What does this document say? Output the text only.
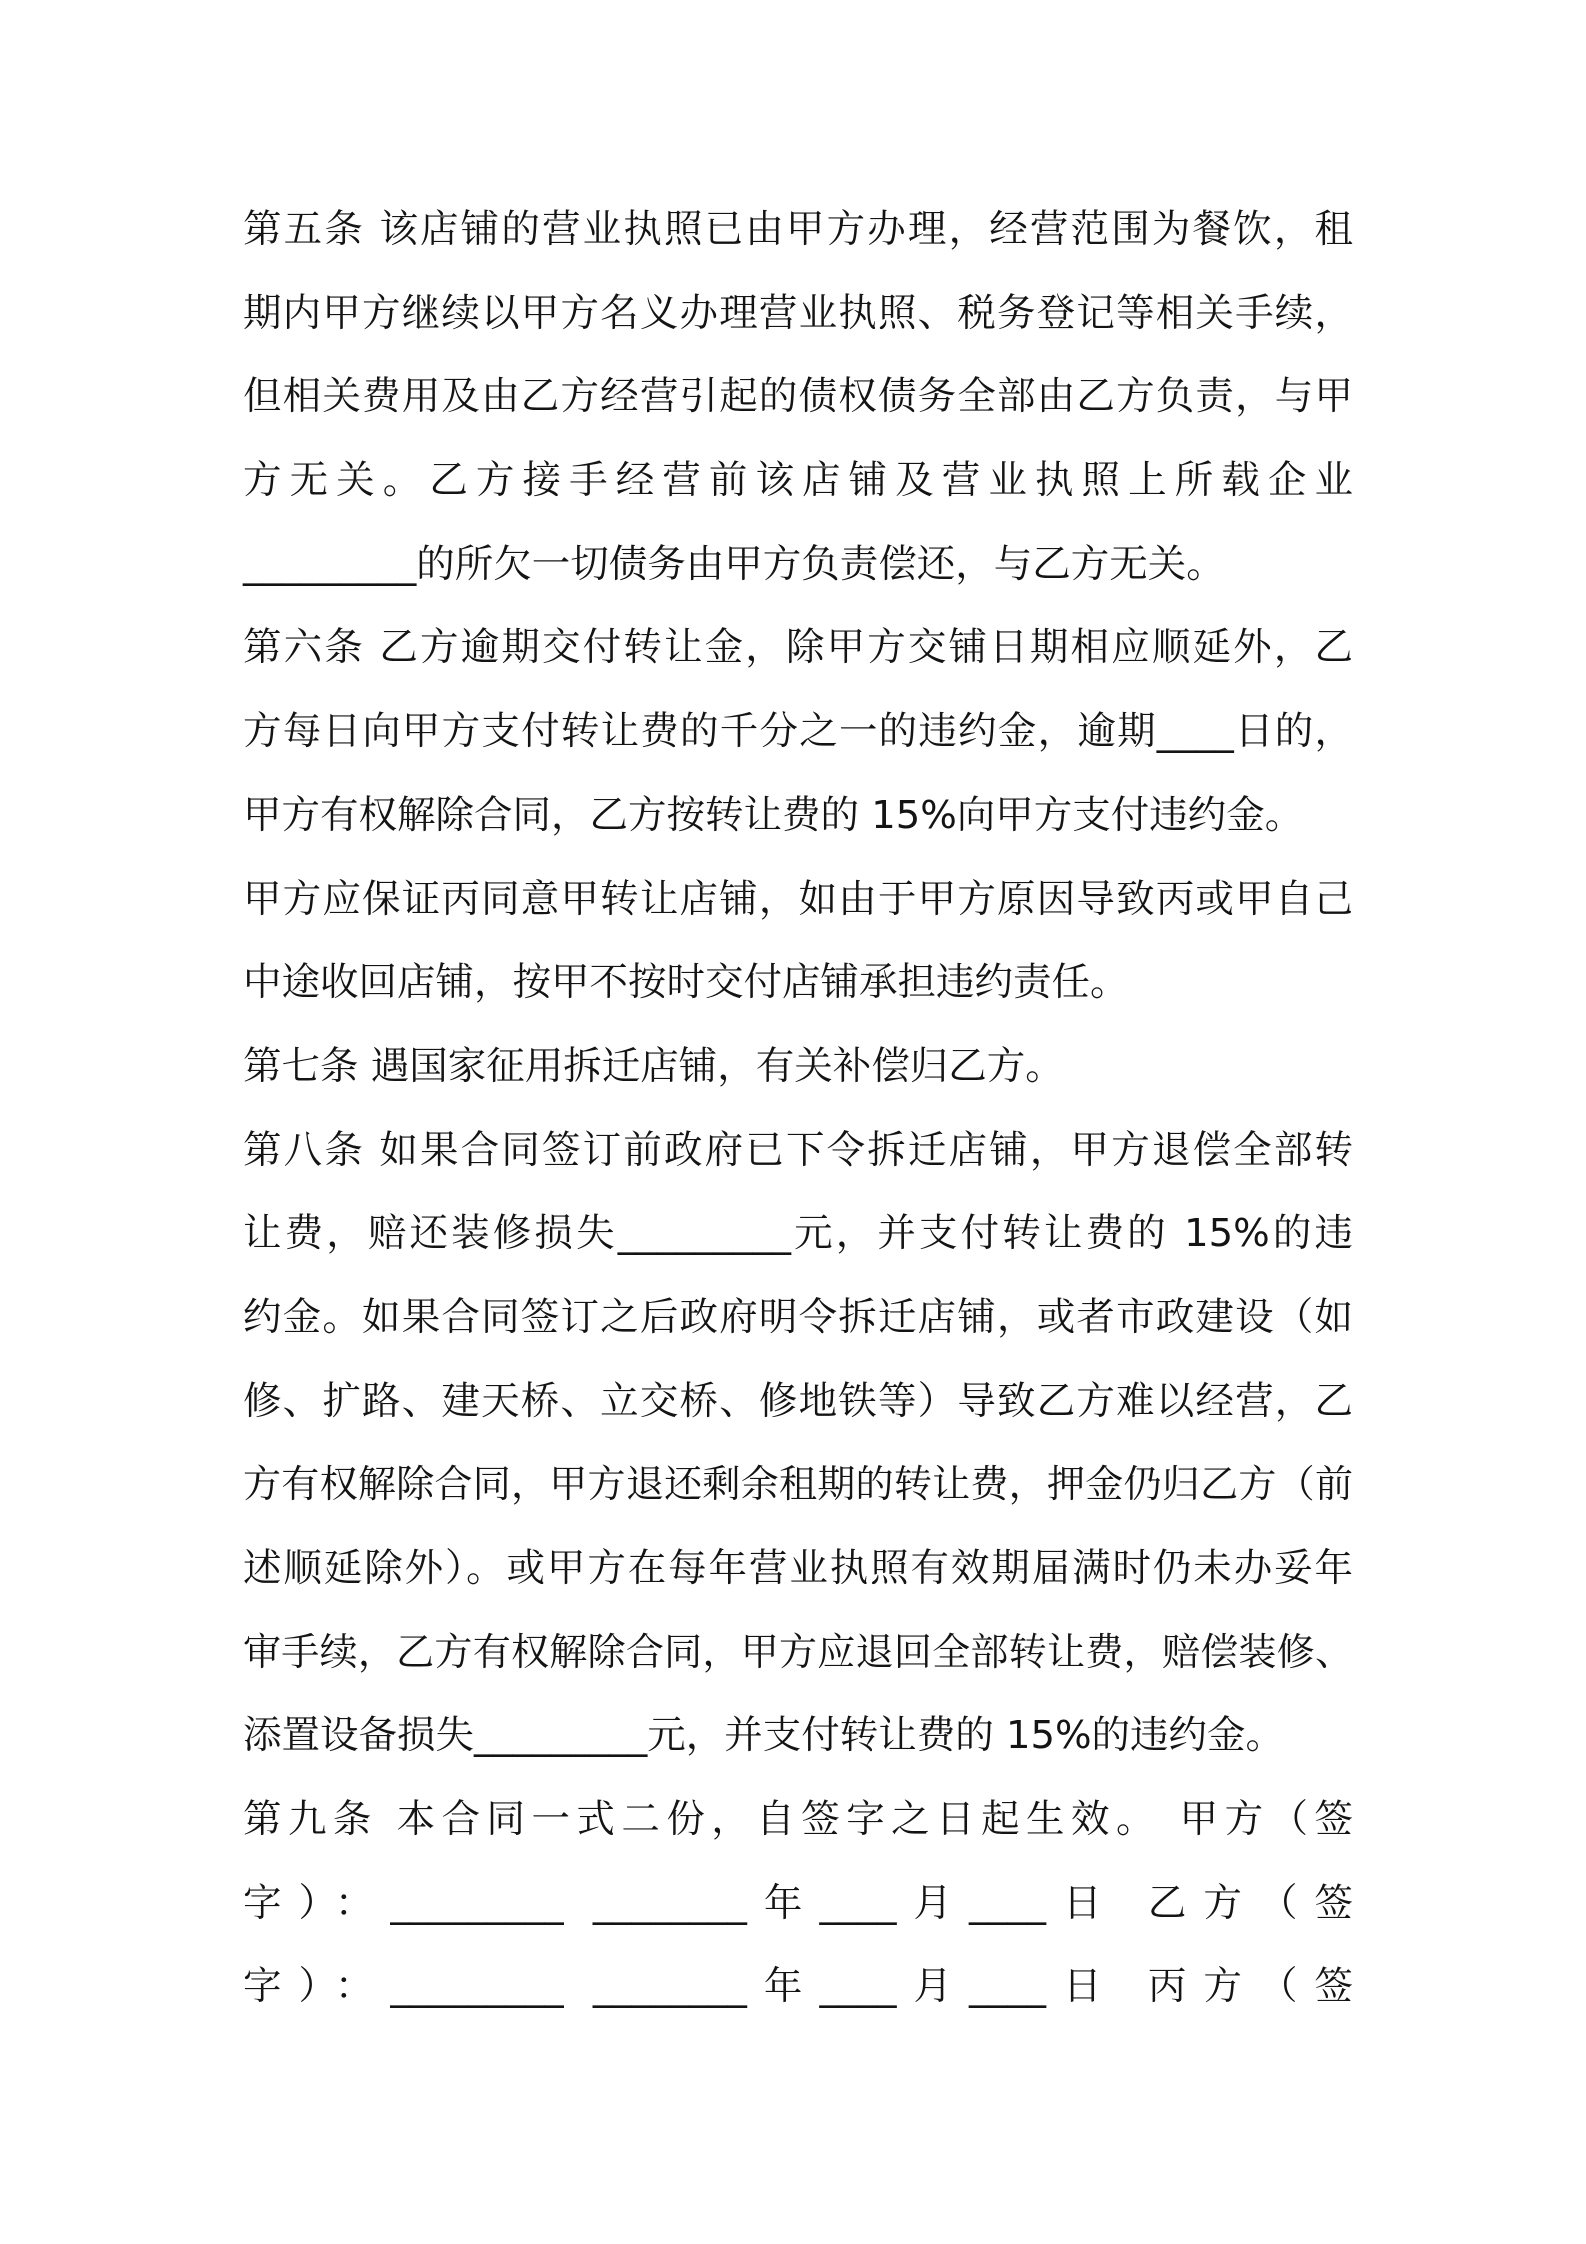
第五条 该店铺的营业执照已由甲方办理，经营范围为餐饮，租
期内甲方继续以甲方名义办理营业执照、税务登记等相关手续，
但相关费用及由乙方经营引起的债权债务全部由乙方负责，与甲
方无关。乙方接手经营前该店铺及营业执照上所载企业
_________的所欠一切债务由甲方负责偿还，与乙方无关。
第六条 乙方逾期交付转让金，除甲方交铺日期相应顺延外，乙
方每日向甲方支付转让费的千分之一的违约金，逾期____日的，
甲方有权解除合同，乙方按转让费的 15%向甲方支付违约金。
甲方应保证丙同意甲转让店铺，如由于甲方原因导致丙或甲自己
中途收回店铺，按甲不按时交付店铺承担违约责任。
第七条 遇国家征用拆迁店铺，有关补偿归乙方。
第八条 如果合同签订前政府已下令拆迁店铺，甲方退偿全部转
让费，赔还装修损失_________元，并支付转让费的 15%的违
约金。如果合同签订之后政府明令拆迁店铺，或者市政建设（如
修、扩路、建天桥、立交桥、修地铁等）导致乙方难以经营，乙
方有权解除合同，甲方退还剩余租期的转让费，押金仍归乙方（前
述顺延除外）。或甲方在每年营业执照有效期届满时仍未办妥年
审手续，乙方有权解除合同，甲方应退回全部转让费，赔偿装修、
添置设备损失_________元，并支付转让费的 15%的违约金。
第九条 本合同一式二份，自签字之日起生效。 甲方（签
字）：_________ ________年____月____日 乙方（签
字）：_________ ________年____月____日 丙方（签
